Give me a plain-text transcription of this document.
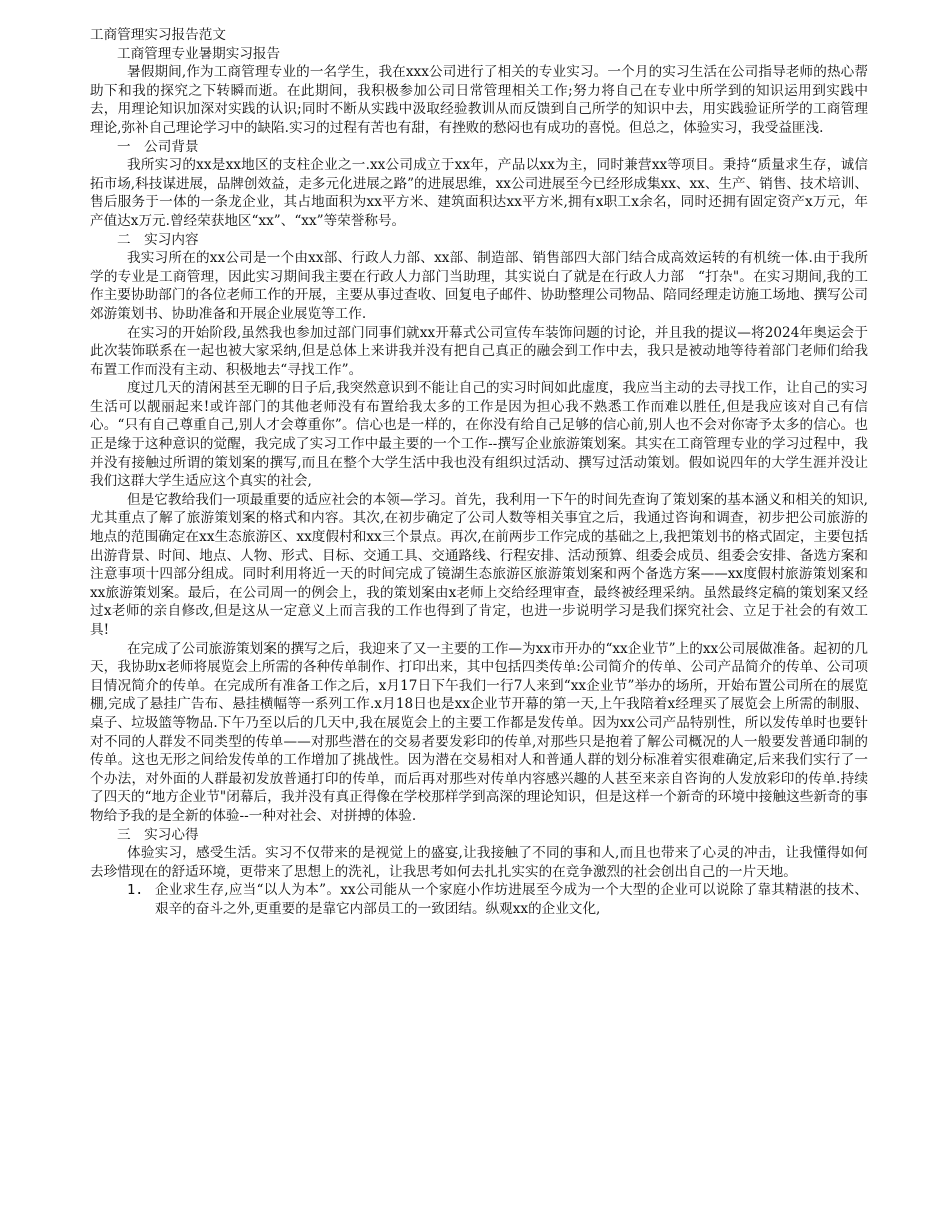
工商管理实习报告范文

工商管理专业暑期实习报告

暑假期间,作为工商管理专业的一名学生，我在xxx公司进行了相关的专业实习。一个月的实习生活在公司指导老师的热心帮助下和我的探究之下转瞬而逝。在此期间，我积极参加公司日常管理相关工作;努力将自己在专业中所学到的知识运用到实践中去，用理论知识加深对实践的认识;同时不断从实践中汲取经验教训从而反馈到自己所学的知识中去，用实践验证所学的工商管理理论,弥补自己理论学习中的缺陷.实习的过程有苦也有甜，有挫败的愁闷也有成功的喜悦。但总之，体验实习，我受益匪浅.

一　公司背景

我所实习的xx是xx地区的支柱企业之一.xx公司成立于xx年，产品以xx为主，同时兼营xx等项目。秉持“质量求生存，诚信拓市场,科技谋进展，品牌创效益，走多元化进展之路”的进展思维，xx公司进展至今已经形成集xx、xx、生产、销售、技术培训、售后服务于一体的一条龙企业，其占地面积为xx平方米、建筑面积达xx平方米,拥有x职工x余名，同时还拥有固定资产x万元，年产值达x万元.曾经荣获地区“xx”、“xx”等荣誉称号。

二　实习内容

我实习所在的xx公司是一个由xx部、行政人力部、xx部、制造部、销售部四大部门结合成高效运转的有机统一体.由于我所学的专业是工商管理，因此实习期间我主要在行政人力部门当助理，其实说白了就是在行政人力部　“打杂"。在实习期间,我的工作主要协助部门的各位老师工作的开展，主要从事过查收、回复电子邮件、协助整理公司物品、陪同经理走访施工场地、撰写公司郊游策划书、协助准备和开展企业展览等工作.

在实习的开始阶段,虽然我也参加过部门同事们就xx开幕式公司宣传车装饰问题的讨论，并且我的提议—将2024年奥运会于此次装饰联系在一起也被大家采纳,但是总体上来讲我并没有把自己真正的融会到工作中去，我只是被动地等待着部门老师们给我布置工作而没有主动、积极地去“寻找工作”。

度过几天的清闲甚至无聊的日子后,我突然意识到不能让自己的实习时间如此虚度，我应当主动的去寻找工作，让自己的实习生活可以靓丽起来!或许部门的其他老师没有布置给我太多的工作是因为担心我不熟悉工作而难以胜任,但是我应该对自己有信心。“只有自己尊重自己,别人才会尊重你”。信心也是一样的，在你没有给自己足够的信心前,别人也不会对你寄予太多的信心。也正是缘于这种意识的觉醒，我完成了实习工作中最主要的一个工作--撰写企业旅游策划案。其实在工商管理专业的学习过程中，我并没有接触过所谓的策划案的撰写,而且在整个大学生活中我也没有组织过活动、撰写过活动策划。假如说四年的大学生涯并没让我们这群大学生适应这个真实的社会,

但是它教给我们一项最重要的适应社会的本领—学习。首先，我利用一下午的时间先查询了策划案的基本涵义和相关的知识,尤其重点了解了旅游策划案的格式和内容。其次,在初步确定了公司人数等相关事宜之后，我通过咨询和调查，初步把公司旅游的地点的范围确定在xx生态旅游区、xx度假村和xx三个景点。再次,在前两步工作完成的基础之上,我把策划书的格式固定，主要包括出游背景、时间、地点、人物、形式、目标、交通工具、交通路线、行程安排、活动预算、组委会成员、组委会安排、备选方案和注意事项十四部分组成。同时利用将近一天的时间完成了镜湖生态旅游区旅游策划案和两个备选方案——xx度假村旅游策划案和xx旅游策划案。最后，在公司周一的例会上，我的策划案由x老师上交给经理审查，最终被经理采纳。虽然最终定稿的策划案又经过x老师的亲自修改,但是这从一定意义上而言我的工作也得到了肯定，也进一步说明学习是我们探究社会、立足于社会的有效工具!

在完成了公司旅游策划案的撰写之后，我迎来了又一主要的工作—为xx市开办的“xx企业节”上的xx公司展做准备。起初的几天，我协助x老师将展览会上所需的各种传单制作、打印出来，其中包括四类传单:公司简介的传单、公司产品简介的传单、公司项目情况简介的传单。在完成所有准备工作之后，x月17日下午我们一行7人来到“xx企业节”举办的场所，开始布置公司所在的展览棚,完成了悬挂广告布、悬挂横幅等一系列工作.x月18日也是xx企业节开幕的第一天,上午我陪着x经理买了展览会上所需的制服、桌子、垃圾篮等物品.下午乃至以后的几天中,我在展览会上的主要工作都是发传单。因为xx公司产品特别性，所以发传单时也要针对不同的人群发不同类型的传单——对那些潜在的交易者要发彩印的传单,对那些只是抱着了解公司概况的人一般要发普通印制的传单。这也无形之间给发传单的工作增加了挑战性。因为潜在交易相对人和普通人群的划分标准着实很难确定,后来我们实行了一个办法，对外面的人群最初发放普通打印的传单，而后再对那些对传单内容感兴趣的人甚至来亲自咨询的人发放彩印的传单.持续了四天的“地方企业节"闭幕后，我并没有真正得像在学校那样学到高深的理论知识，但是这样一个新奇的环境中接触这些新奇的事物给予我的是全新的体验--一种对社会、对拼搏的体验.

三　实习心得

体验实习，感受生活。实习不仅带来的是视觉上的盛宴,让我接触了不同的事和人,而且也带来了心灵的冲击，让我懂得如何去珍惜现在的舒适环境，更带来了思想上的洗礼，让我思考如何去扎扎实实的在竞争激烈的社会创出自己的一片天地。

1. 企业求生存,应当“以人为本”。xx公司能从一个家庭小作坊进展至今成为一个大型的企业可以说除了靠其精湛的技术、艰辛的奋斗之外,更重要的是靠它内部员工的一致团结。纵观xx的企业文化,
